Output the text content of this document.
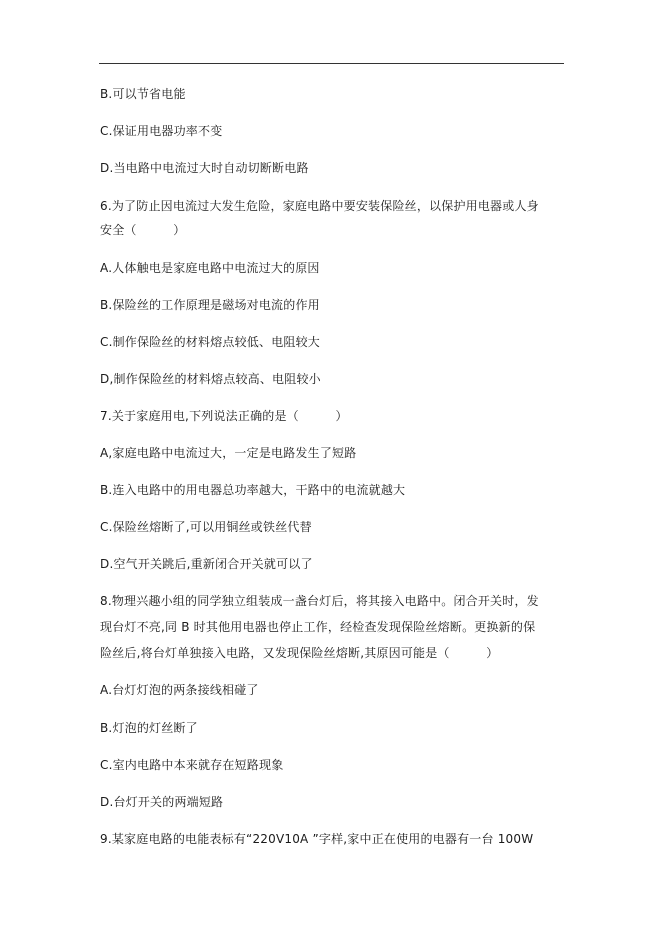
B.可以节省电能
C.保证用电器功率不变
D.当电路中电流过大时自动切断断电路
6.为了防止因电流过大发生危险，家庭电路中要安装保险丝，以保护用电器或人身
安全（　　　）
A.人体触电是家庭电路中电流过大的原因
B.保险丝的工作原理是磁场对电流的作用
C.制作保险丝的材料熔点较低、电阻较大
D,制作保险丝的材料熔点较高、电阻较小
7.关于家庭用电,下列说法正确的是（　　　）
A,家庭电路中电流过大，一定是电路发生了短路
B.连入电路中的用电器总功率越大，干路中的电流就越大
C.保险丝熔断了,可以用铜丝或铁丝代替
D.空气开关跳后,重新闭合开关就可以了
8.物理兴趣小组的同学独立组装成一盏台灯后，将其接入电路中。闭合开关时，发
现台灯不亮,同 B 时其他用电器也停止工作，经检查发现保险丝熔断。更换新的保
险丝后,将台灯单独接入电路，又发现保险丝熔断,其原因可能是（　　　）
A.台灯灯泡的两条接线相碰了
B.灯泡的灯丝断了
C.室内电路中本来就存在短路现象
D.台灯开关的两端短路
9.某家庭电路的电能表标有“220V10A ”字样,家中正在使用的电器有一台 100W
